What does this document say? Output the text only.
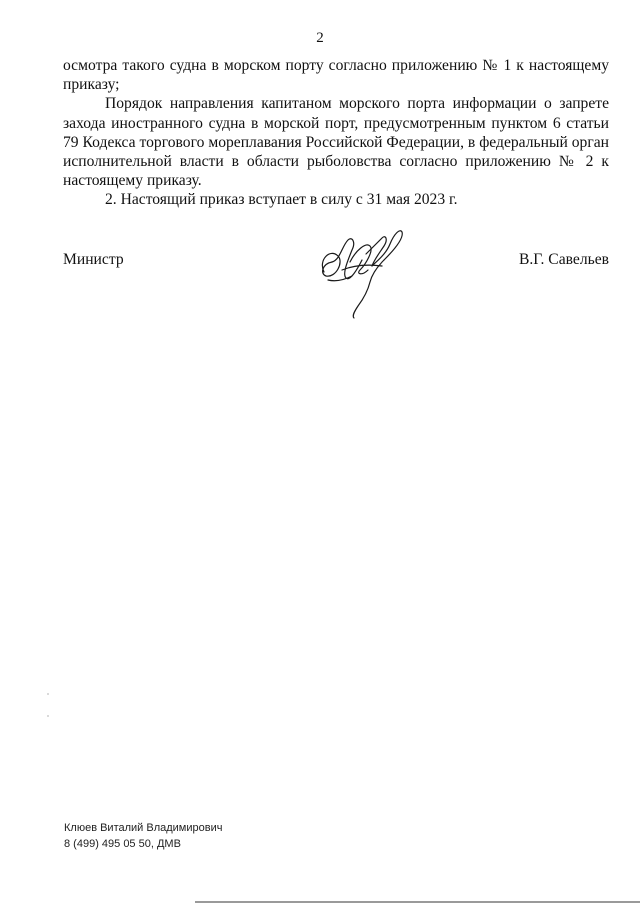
2

осмотра такого судна в морском порту согласно приложению № 1 к настоящему приказу;

Порядок направления капитаном морского порта информации о запрете захода иностранного судна в морской порт, предусмотренным пунктом 6 статьи 79 Кодекса торгового мореплавания Российской Федерации, в федеральный орган исполнительной власти в области рыболовства согласно приложению № 2 к настоящему приказу.

2. Настоящий приказ вступает в силу с 31 мая 2023 г.

Министр	В.Г. Савельев
Клюев Виталий Владимирович
8 (499) 495 05 50, ДМВ
